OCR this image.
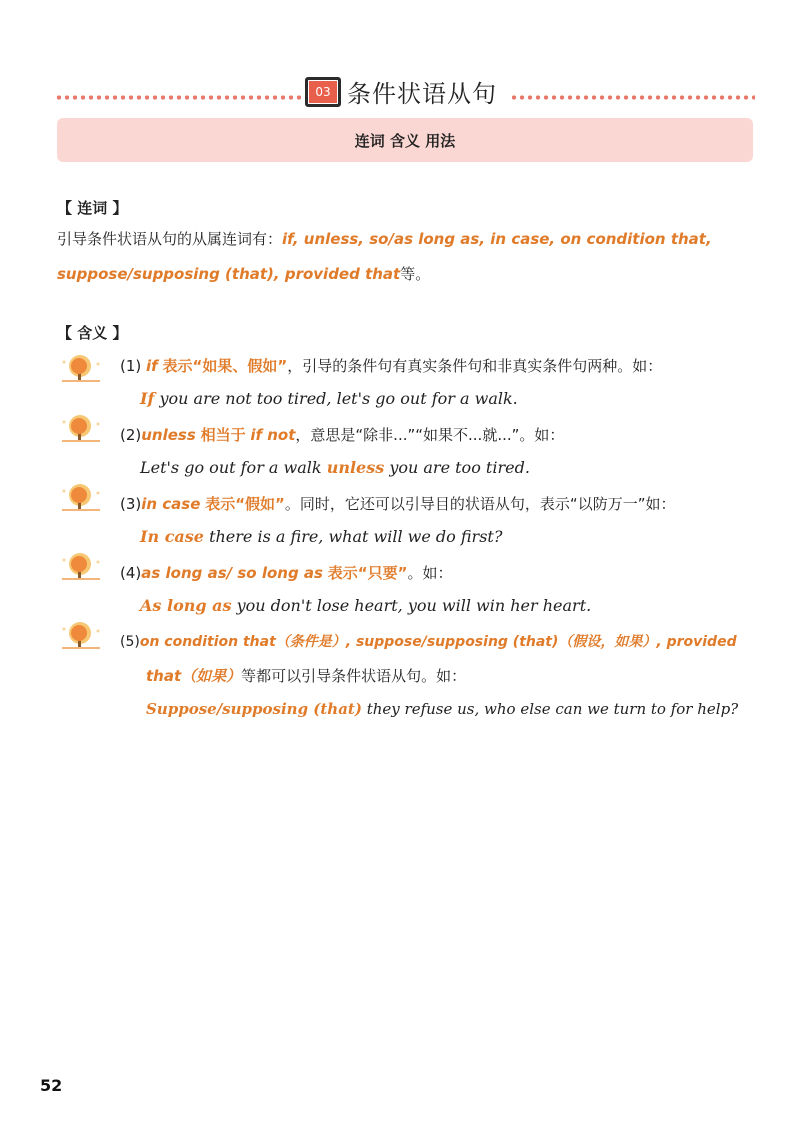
03 条件状语从句
连词 含义 用法
【 连词 】
引导条件状语从句的从属连词有：if, unless, so/as long as, in case, on condition that,
suppose/supposing (that), provided that等。
【 含义 】
(1) if 表示“如果、假如”，引导的条件句有真实条件句和非真实条件句两种。如：
If you are not too tired, let's go out for a walk.
(2)unless 相当于 if not，意思是“除非...”“如果不...就...”。如：
Let's go out for a walk unless you are too tired.
(3)in case 表示“假如”。同时，它还可以引导目的状语从句，表示“以防万一”如：
In case there is a fire, what will we do first?
(4)as long as/ so long as 表示“只要”。如：
As long as you don't lose heart, you will win her heart.
(5)on condition that（条件是）, suppose/supposing (that)（假设，如果）, provided
that（如果）等都可以引导条件状语从句。如：
Suppose/supposing (that) they refuse us, who else can we turn to for help?
52
